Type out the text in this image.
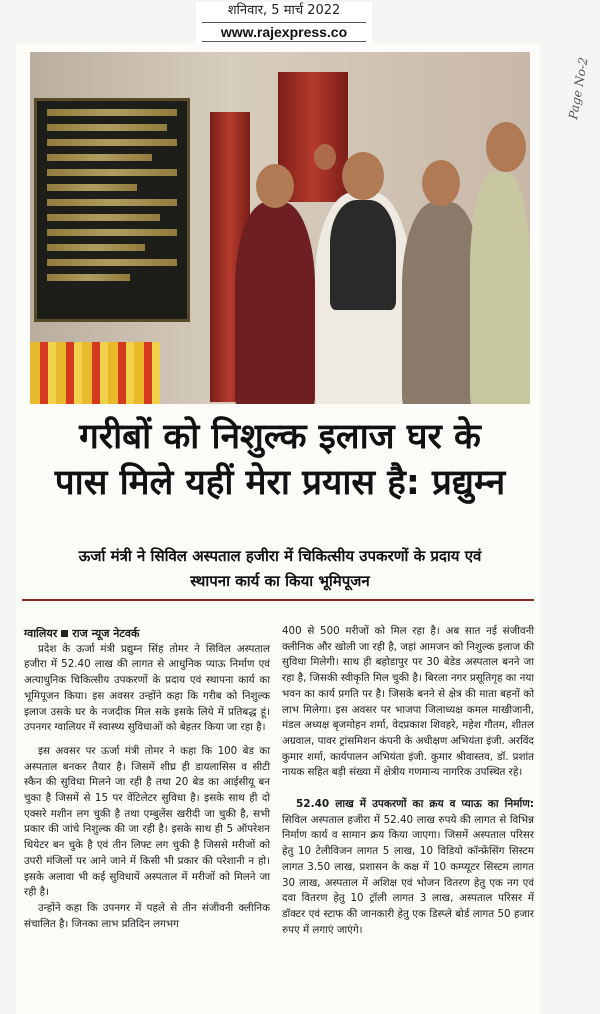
शनिवार, 5 मार्च 2022
www.rajexpress.co
Page No-2
गरीबों को निशुल्क इलाज घर के
पास मिले यहीं मेरा प्रयास है: प्रद्युम्न
ऊर्जा मंत्री ने सिविल अस्पताल हजीरा में चिकित्सीय उपकरणों के प्रदाय एवं
स्थापना कार्य का किया भूमिपूजन

ग्वालियर राज न्यूज नेटवर्क

प्रदेश के ऊर्जा मंत्री प्रद्युम्न सिंह तोमर ने सिविल अस्पताल हजीरा में 52.40 लाख की लागत से आधुनिक प्याऊ निर्माण एवं अत्याधुनिक चिकित्सीय उपकरणों के प्रदाय एवं स्थापना कार्य का भूमिपूजन किया। इस अवसर उन्होंने कहा कि गरीब को निशुल्क इलाज उसके घर के नजदीक मिल सके इसके लिये में प्रतिबद्ध हूं। उपनगर ग्वालियर में स्वास्थ्य सुविधाओं को बेहतर किया जा रहा है।

इस अवसर पर ऊर्जा मंत्री तोमर ने कहा कि 100 बेड का अस्पताल बनकर तैयार है। जिसमें शीघ्र ही डायलासिस व सीटी स्कैन की सुविधा मिलने जा रही है तथा 20 बेड का आईसीयू बन चुका है जिसमें से 15 पर वेंटिलेटर सुविधा है। इसके साथ ही दो एक्सरे मशीन लग चुकी है तथा एम्बुलेंस खरीदी जा चुकी है, सभी प्रकार की जांचे निशुल्क की जा रही है। इसके साथ ही 5 ऑपरेशन थियेटर बन चुके है एवं तीन लिफ्ट लग चुकी है जिससे मरीजों को उपरी मंजिलों पर आने जाने में किसी भी प्रकार की परेशानी न हो। इसके अलावा भी कई सुविधायें अस्पताल में मरीजों को मिलने जा रही है।

उन्होंने कहा कि उपनगर में पहले से तीन संजीवनी क्लीनिक संचालित है। जिनका लाभ प्रतिदिन लगभग

400 से 500 मरीजों को मिल रहा है। अब सात नई संजीवनी क्लीनिक और खोली जा रही है, जहां आमजन को निशुल्क इलाज की सुविधा मिलेगी। साथ ही बहोडापुर पर 30 बेडेड अस्पताल बनने जा रहा है, जिसकी स्वीकृति मिल चुकी है। बिरला नगर प्रसूतिगृह का नया भवन का कार्य प्रगति पर है। जिसके बनने से क्षेत्र की माता बहनों को लाभ मिलेगा। इस अवसर पर भाजपा जिलाध्यक्ष कमल माखीजानी, मंडल अध्यक्ष बृजमोहन शर्मा, वेदप्रकाश शिवहरे, महेश गौतम, शीतल अग्रवाल, पावर ट्रांसमिशन कंपनी के अधीक्षण अभियंता इंजी. अरविंद कुमार शर्मा, कार्यपालन अभियंता इंजी. कुमार श्रीवास्तव, डॉ. प्रशांत नायक सहित बड़ी संख्या में क्षेत्रीय गणमान्य नागरिक उपस्थित रहे।

52.40 लाख में उपकरणों का क्रय व प्याऊ का निर्माण: सिविल अस्पताल हजीरा में 52.40 लाख रुपये की लागत से विभिन्न निर्माण कार्य व सामान क्रय किया जाएगा। जिसमें अस्पताल परिसर हेतु 10 टेलीविजन लागत 5 लाख, 10 विडियो कॉन्फ्रेंसिंग सिस्टम लागत 3.50 लाख, प्रशासन के कक्ष में 10 कम्प्यूटर सिस्टम लागत 30 लाख, अस्पताल में अशिक्ष एवं भोजन वितरण हेतु एक नग एवं दवा वितरण हेतु 10 ट्रॉली लागत 3 लाख, अस्पताल परिसर में डॉक्टर एवं स्टाफ की जानकारी हेतु एक डिस्प्ले बोर्ड लागत 50 हजार रुपए में लगाएं जाएंगे।
